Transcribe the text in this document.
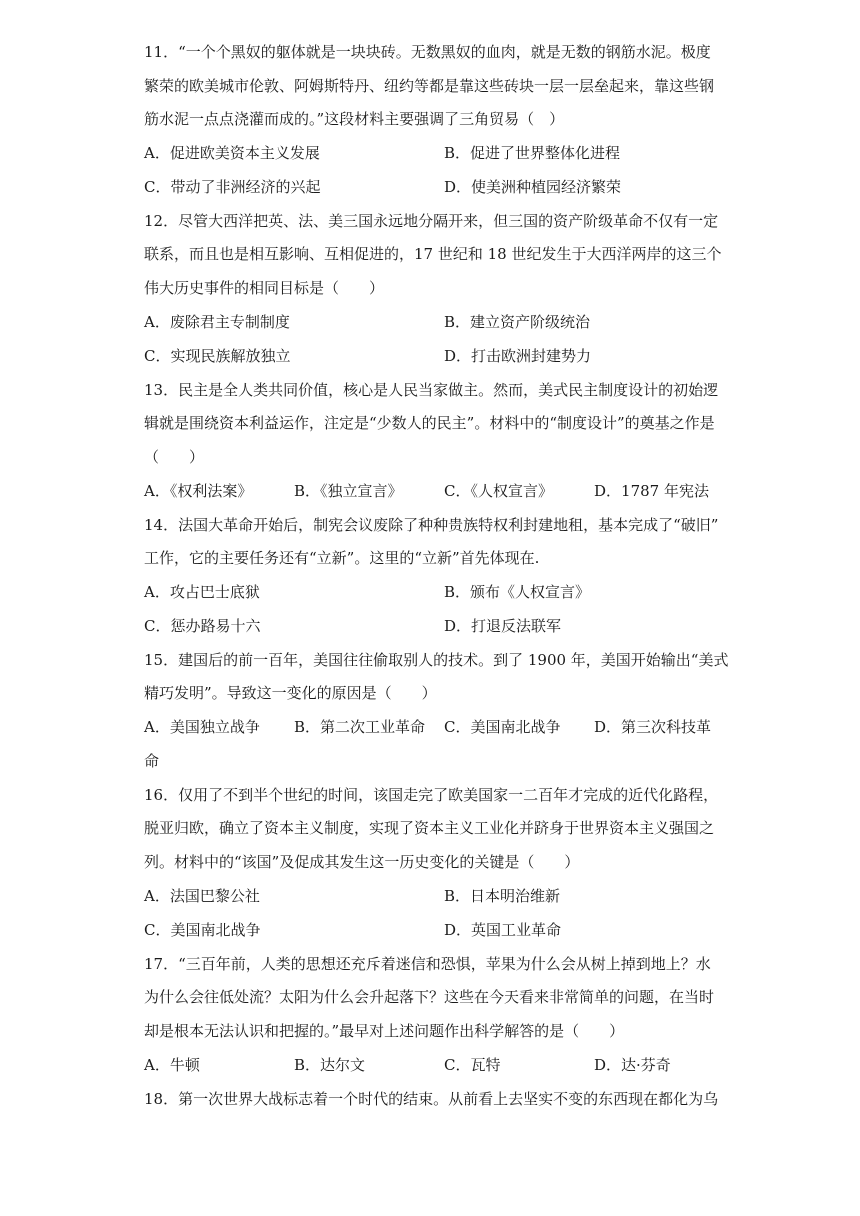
11．“一个个黑奴的躯体就是一块块砖。无数黑奴的血肉，就是无数的钢筋水泥。极度
繁荣的欧美城市伦敦、阿姆斯特丹、纽约等都是靠这些砖块一层一层垒起来，靠这些钢
筋水泥一点点浇灌而成的。”这段材料主要强调了三角贸易（　）
A．促进欧美资本主义发展	B．促进了世界整体化进程
C．带动了非洲经济的兴起	D．使美洲种植园经济繁荣
12．尽管大西洋把英、法、美三国永远地分隔开来，但三国的资产阶级革命不仅有一定
联系，而且也是相互影响、互相促进的，17 世纪和 18 世纪发生于大西洋两岸的这三个
伟大历史事件的相同目标是（　　）
A．废除君主专制制度	B．建立资产阶级统治
C．实现民族解放独立	D．打击欧洲封建势力
13．民主是全人类共同价值，核心是人民当家做主。然而，美式民主制度设计的初始逻
辑就是围绕资本利益运作，注定是“少数人的民主”。材料中的“制度设计”的奠基之作是
（　　）
A．《权利法案》	B．《独立宣言》	C．《人权宣言》	D．1787 年宪法
14．法国大革命开始后，制宪会议废除了种种贵族特权利封建地租，基本完成了“破旧”
工作，它的主要任务还有“立新”。这里的“立新”首先体现在.
A．攻占巴士底狱	B．颁布《人权宣言》
C．惩办路易十六	D．打退反法联军
15．建国后的前一百年，美国往往偷取别人的技术。到了 1900 年，美国开始输出“美式
精巧发明”。导致这一变化的原因是（　　）
A．美国独立战争 B．第二次工业革命 C．美国南北战争 D．第三次科技革
命
16．仅用了不到半个世纪的时间，该国走完了欧美国家一二百年才完成的近代化路程，
脱亚归欧，确立了资本主义制度，实现了资本主义工业化并跻身于世界资本主义强国之
列。材料中的“该国”及促成其发生这一历史变化的关键是（　　）
A．法国巴黎公社	B．日本明治维新
C．美国南北战争	D．英国工业革命
17．“三百年前，人类的思想还充斥着迷信和恐惧，苹果为什么会从树上掉到地上？水
为什么会往低处流？太阳为什么会升起落下？这些在今天看来非常简单的问题，在当时
却是根本无法认识和把握的。”最早对上述问题作出科学解答的是（　　）
A．牛顿	B．达尔文	C．瓦特	D．达·芬奇
18．第一次世界大战标志着一个时代的结束。从前看上去坚实不变的东西现在都化为乌
